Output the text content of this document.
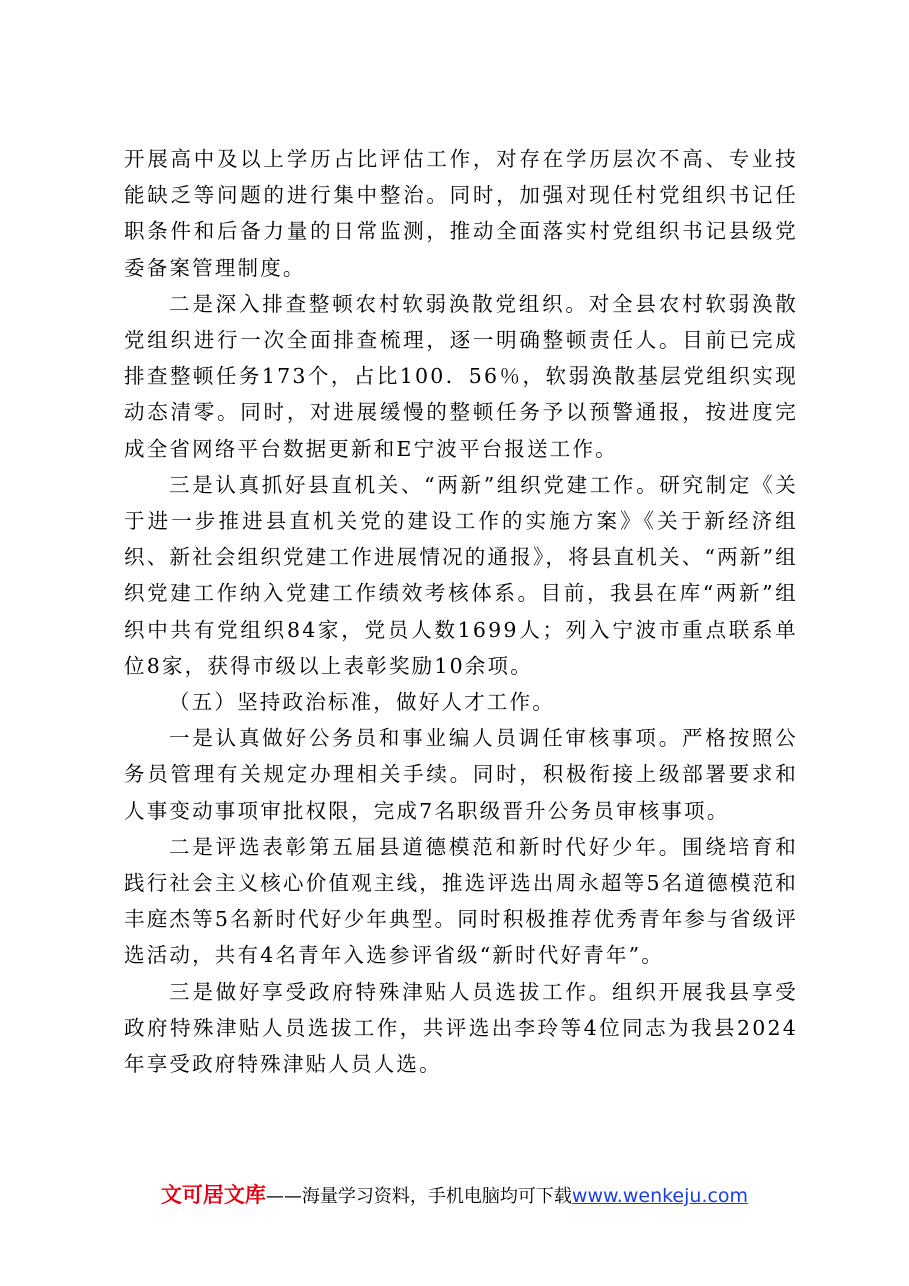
开展高中及以上学历占比评估工作，对存在学历层次不高、专业技能缺乏等问题的进行集中整治。同时，加强对现任村党组织书记任职条件和后备力量的日常监测，推动全面落实村党组织书记县级党委备案管理制度。

二是深入排查整顿农村软弱涣散党组织。对全县农村软弱涣散党组织进行一次全面排查梳理，逐一明确整顿责任人。目前已完成排查整顿任务173个，占比100．56％，软弱涣散基层党组织实现动态清零。同时，对进展缓慢的整顿任务予以预警通报，按进度完成全省网络平台数据更新和E宁波平台报送工作。

三是认真抓好县直机关、“两新”组织党建工作。研究制定《关于进一步推进县直机关党的建设工作的实施方案》《关于新经济组织、新社会组织党建工作进展情况的通报》，将县直机关、“两新”组织党建工作纳入党建工作绩效考核体系。目前，我县在库“两新”组织中共有党组织84家，党员人数1699人；列入宁波市重点联系单位8家，获得市级以上表彰奖励10余项。

（五）坚持政治标准，做好人才工作。

一是认真做好公务员和事业编人员调任审核事项。严格按照公务员管理有关规定办理相关手续。同时，积极衔接上级部署要求和人事变动事项审批权限，完成7名职级晋升公务员审核事项。

二是评选表彰第五届县道德模范和新时代好少年。围绕培育和践行社会主义核心价值观主线，推选评选出周永超等5名道德模范和丰庭杰等5名新时代好少年典型。同时积极推荐优秀青年参与省级评选活动，共有4名青年入选参评省级“新时代好青年”。

三是做好享受政府特殊津贴人员选拔工作。组织开展我县享受政府特殊津贴人员选拔工作，共评选出李玲等4位同志为我县2024年享受政府特殊津贴人员人选。

文可居文库——海量学习资料，手机电脑均可下载www.wenkeju.com
